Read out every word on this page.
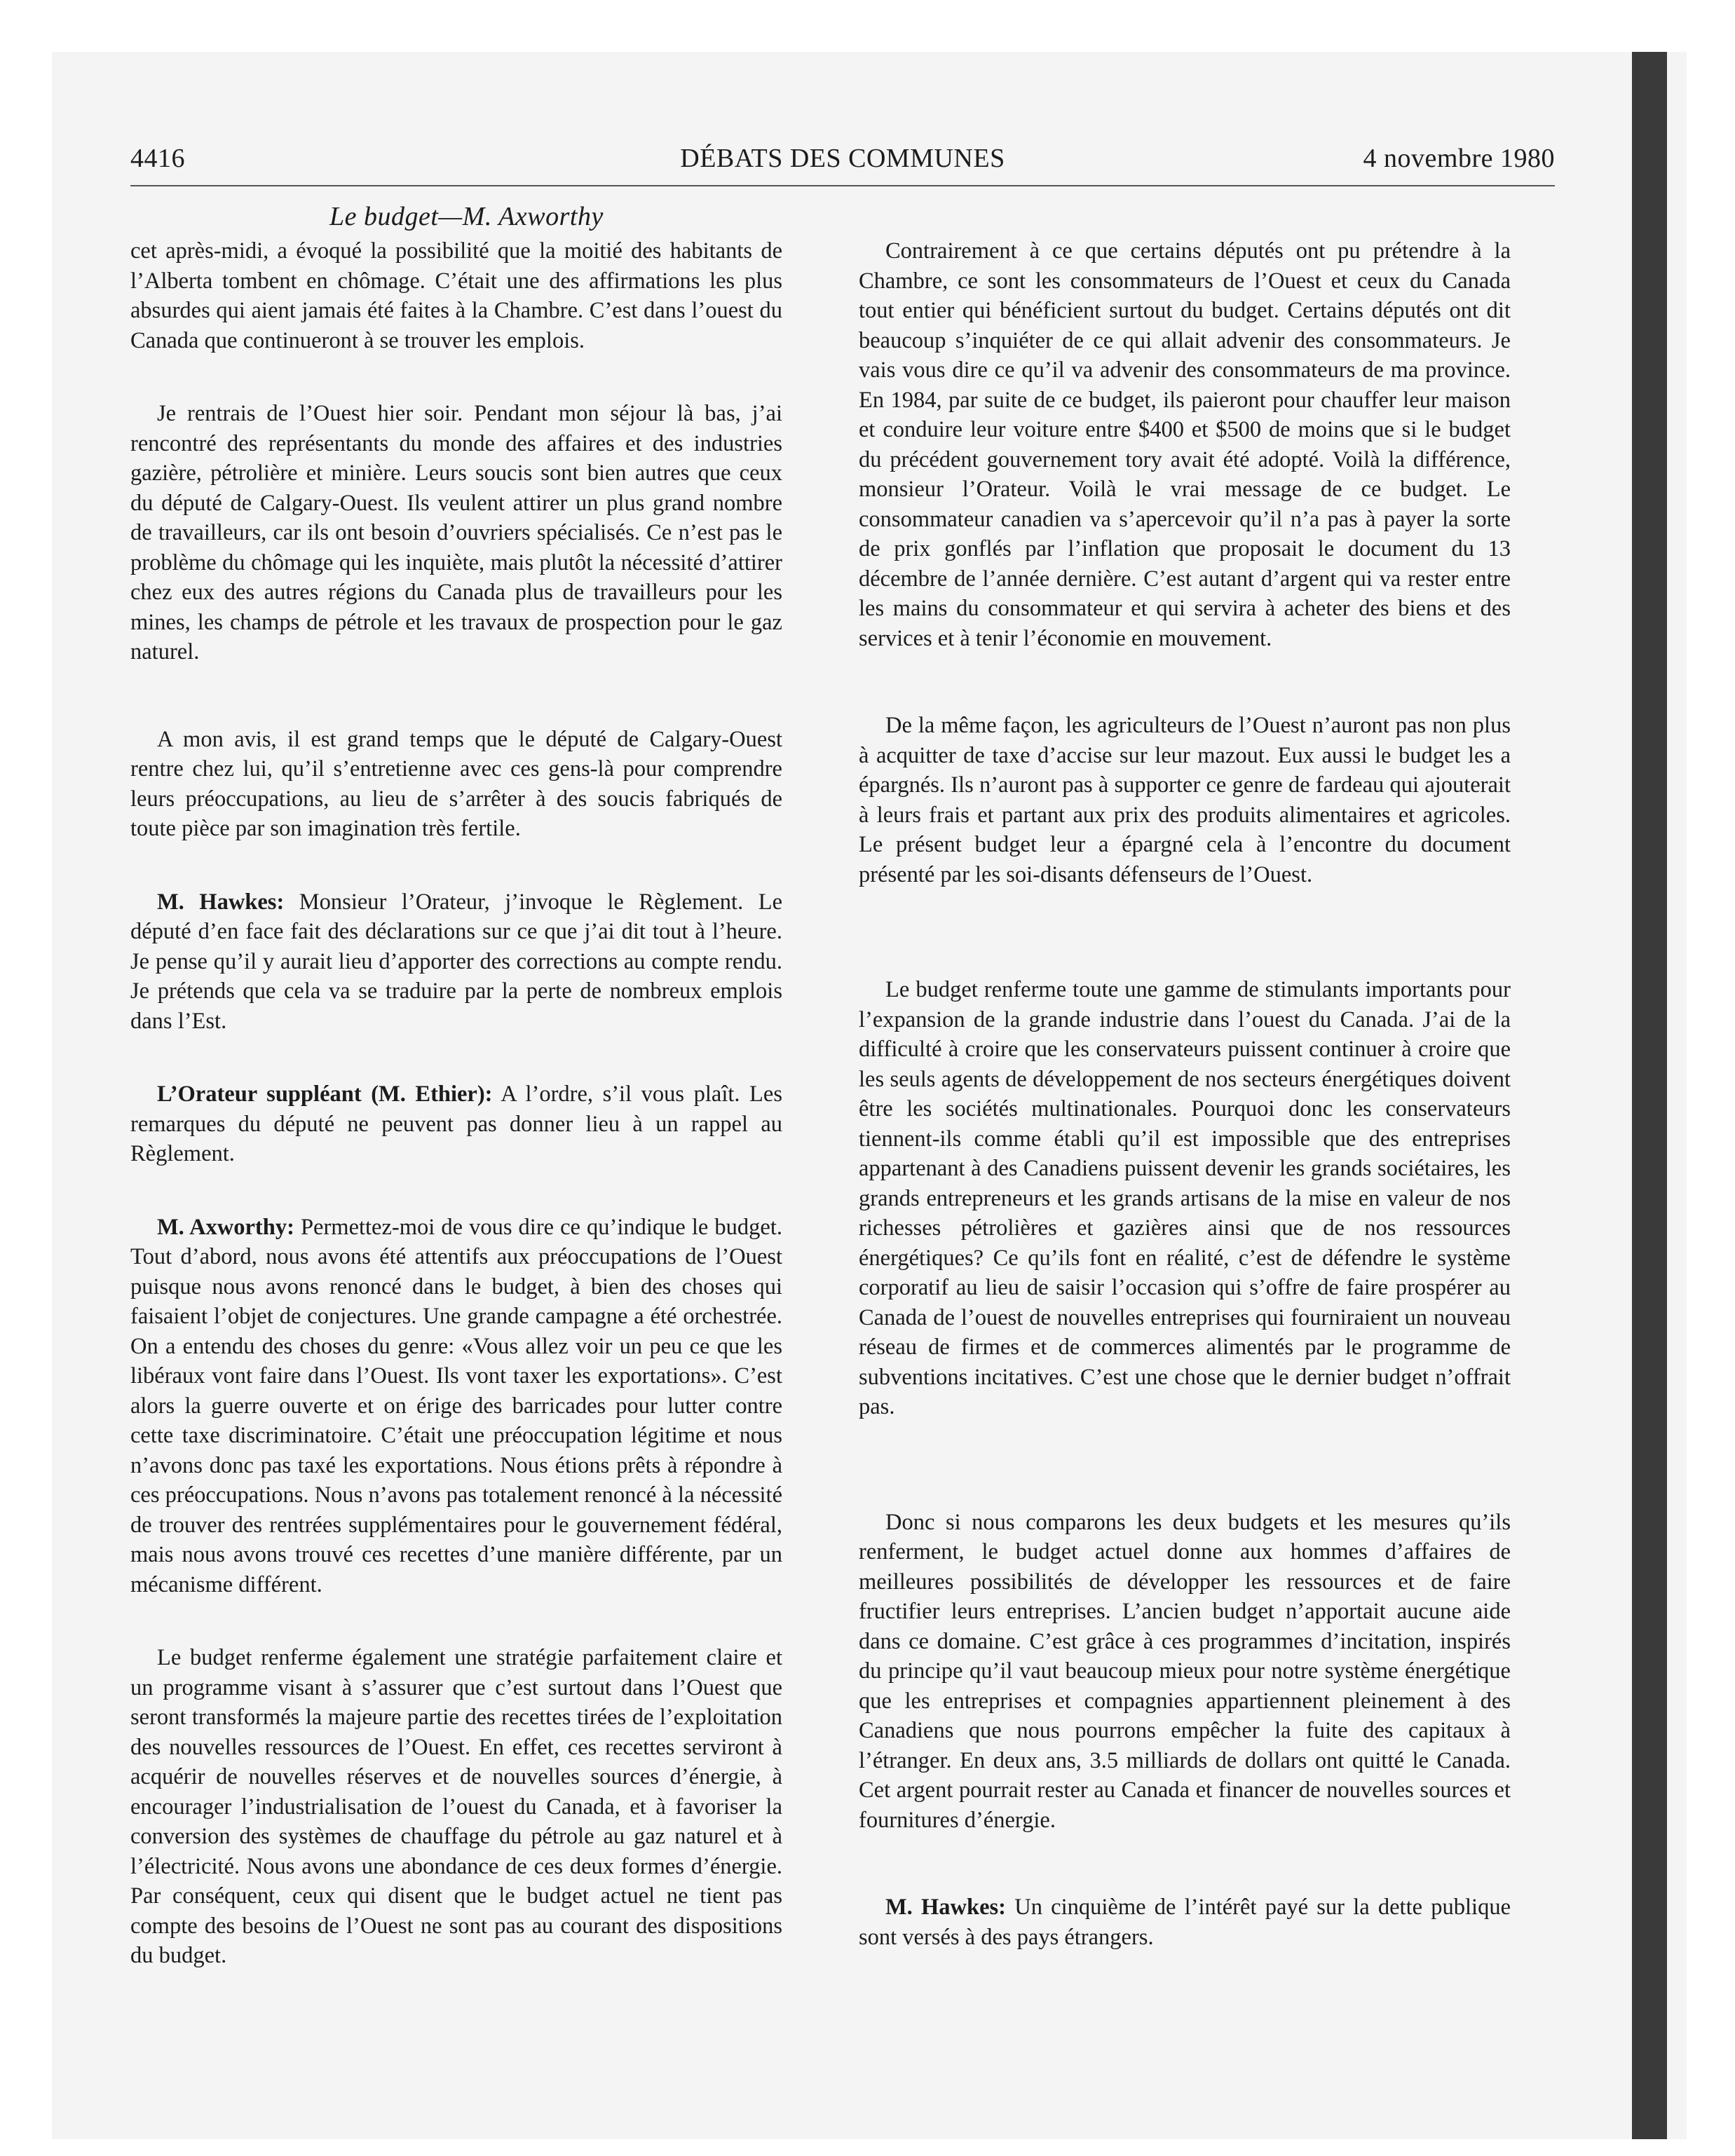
4416	DÉBATS DES COMMUNES	4 novembre 1980
Le budget—M. Axworthy

cet après-midi, a évoqué la possibilité que la moitié des habitants de l’Alberta tombent en chômage. C’était une des affirmations les plus absurdes qui aient jamais été faites à la Chambre. C’est dans l’ouest du Canada que continueront à se trouver les emplois.

Je rentrais de l’Ouest hier soir. Pendant mon séjour là bas, j’ai rencontré des représentants du monde des affaires et des industries gazière, pétrolière et minière. Leurs soucis sont bien autres que ceux du député de Calgary-Ouest. Ils veulent attirer un plus grand nombre de travailleurs, car ils ont besoin d’ouvriers spécialisés. Ce n’est pas le problème du chômage qui les inquiète, mais plutôt la nécessité d’attirer chez eux des autres régions du Canada plus de travailleurs pour les mines, les champs de pétrole et les travaux de prospection pour le gaz naturel.

A mon avis, il est grand temps que le député de Calgary-Ouest rentre chez lui, qu’il s’entretienne avec ces gens-là pour comprendre leurs préoccupations, au lieu de s’arrêter à des soucis fabriqués de toute pièce par son imagination très fertile.

M. Hawkes: Monsieur l’Orateur, j’invoque le Règlement. Le député d’en face fait des déclarations sur ce que j’ai dit tout à l’heure. Je pense qu’il y aurait lieu d’apporter des corrections au compte rendu. Je prétends que cela va se traduire par la perte de nombreux emplois dans l’Est.

L’Orateur suppléant (M. Ethier): A l’ordre, s’il vous plaît. Les remarques du député ne peuvent pas donner lieu à un rappel au Règlement.

M. Axworthy: Permettez-moi de vous dire ce qu’indique le budget. Tout d’abord, nous avons été attentifs aux préoccupations de l’Ouest puisque nous avons renoncé dans le budget, à bien des choses qui faisaient l’objet de conjectures. Une grande campagne a été orchestrée. On a entendu des choses du genre: «Vous allez voir un peu ce que les libéraux vont faire dans l’Ouest. Ils vont taxer les exportations». C’est alors la guerre ouverte et on érige des barricades pour lutter contre cette taxe discriminatoire. C’était une préoccupation légitime et nous n’avons donc pas taxé les exportations. Nous étions prêts à répondre à ces préoccupations. Nous n’avons pas totalement renoncé à la nécessité de trouver des rentrées supplémentaires pour le gouvernement fédéral, mais nous avons trouvé ces recettes d’une manière différente, par un mécanisme différent.

Le budget renferme également une stratégie parfaitement claire et un programme visant à s’assurer que c’est surtout dans l’Ouest que seront transformés la majeure partie des recettes tirées de l’exploitation des nouvelles ressources de l’Ouest. En effet, ces recettes serviront à acquérir de nouvelles réserves et de nouvelles sources d’énergie, à encourager l’industrialisation de l’ouest du Canada, et à favoriser la conversion des systèmes de chauffage du pétrole au gaz naturel et à l’électricité. Nous avons une abondance de ces deux formes d’énergie. Par conséquent, ceux qui disent que le budget actuel ne tient pas compte des besoins de l’Ouest ne sont pas au courant des dispositions du budget.

Contrairement à ce que certains députés ont pu prétendre à la Chambre, ce sont les consommateurs de l’Ouest et ceux du Canada tout entier qui bénéficient surtout du budget. Certains députés ont dit beaucoup s’inquiéter de ce qui allait advenir des consommateurs. Je vais vous dire ce qu’il va advenir des consommateurs de ma province. En 1984, par suite de ce budget, ils paieront pour chauffer leur maison et conduire leur voiture entre $400 et $500 de moins que si le budget du précédent gouvernement tory avait été adopté. Voilà la différence, monsieur l’Orateur. Voilà le vrai message de ce budget. Le consommateur canadien va s’apercevoir qu’il n’a pas à payer la sorte de prix gonflés par l’inflation que proposait le document du 13 décembre de l’année dernière. C’est autant d’argent qui va rester entre les mains du consommateur et qui servira à acheter des biens et des services et à tenir l’économie en mouvement.

De la même façon, les agriculteurs de l’Ouest n’auront pas non plus à acquitter de taxe d’accise sur leur mazout. Eux aussi le budget les a épargnés. Ils n’auront pas à supporter ce genre de fardeau qui ajouterait à leurs frais et partant aux prix des produits alimentaires et agricoles. Le présent budget leur a épargné cela à l’encontre du document présenté par les soi-disants défenseurs de l’Ouest.

Le budget renferme toute une gamme de stimulants importants pour l’expansion de la grande industrie dans l’ouest du Canada. J’ai de la difficulté à croire que les conservateurs puissent continuer à croire que les seuls agents de développement de nos secteurs énergétiques doivent être les sociétés multinationales. Pourquoi donc les conservateurs tiennent-ils comme établi qu’il est impossible que des entreprises appartenant à des Canadiens puissent devenir les grands sociétaires, les grands entrepreneurs et les grands artisans de la mise en valeur de nos richesses pétrolières et gazières ainsi que de nos ressources énergétiques? Ce qu’ils font en réalité, c’est de défendre le système corporatif au lieu de saisir l’occasion qui s’offre de faire prospérer au Canada de l’ouest de nouvelles entreprises qui fourniraient un nouveau réseau de firmes et de commerces alimentés par le programme de subventions incitatives. C’est une chose que le dernier budget n’offrait pas.

Donc si nous comparons les deux budgets et les mesures qu’ils renferment, le budget actuel donne aux hommes d’affaires de meilleures possibilités de développer les ressources et de faire fructifier leurs entreprises. L’ancien budget n’apportait aucune aide dans ce domaine. C’est grâce à ces programmes d’incitation, inspirés du principe qu’il vaut beaucoup mieux pour notre système énergétique que les entreprises et compagnies appartiennent pleinement à des Canadiens que nous pourrons empêcher la fuite des capitaux à l’étranger. En deux ans, 3.5 milliards de dollars ont quitté le Canada. Cet argent pourrait rester au Canada et financer de nouvelles sources et fournitures d’énergie.

M. Hawkes: Un cinquième de l’intérêt payé sur la dette publique sont versés à des pays étrangers.
